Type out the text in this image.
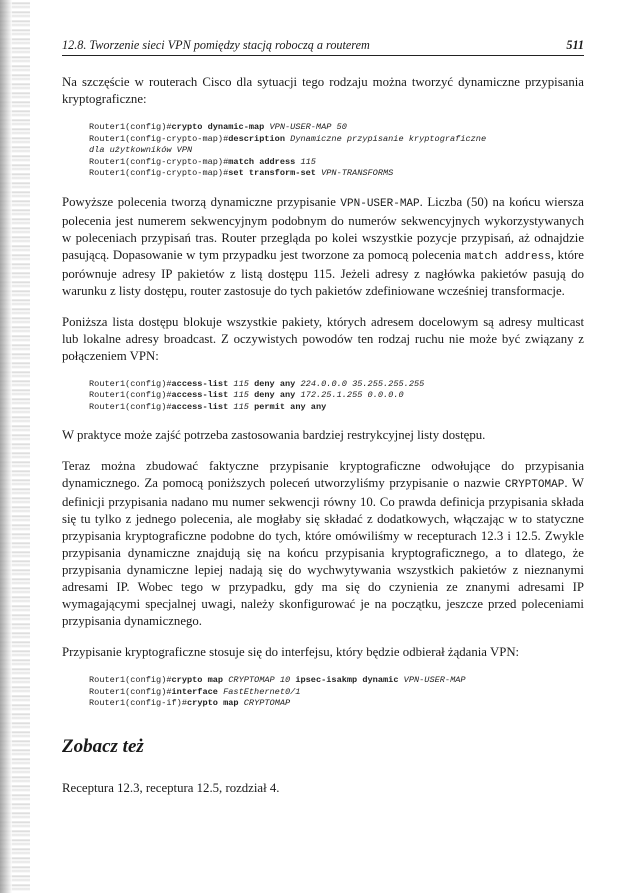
12.8. Tworzenie sieci VPN pomiędzy stacją roboczą a routerem	511

Na szczęście w routerach Cisco dla sytuacji tego rodzaju można tworzyć dynamiczne przypisania kryptograficzne:

Router1(config)#crypto dynamic-map VPN-USER-MAP 50
Router1(config-crypto-map)#description Dynamiczne przypisanie kryptograficzne
dla użytkowników VPN
Router1(config-crypto-map)#match address 115
Router1(config-crypto-map)#set transform-set VPN-TRANSFORMS

Powyższe polecenia tworzą dynamiczne przypisanie VPN-USER-MAP. Liczba (50) na końcu wiersza polecenia jest numerem sekwencyjnym podobnym do numerów sekwencyjnych wykorzystywanych w poleceniach przypisań tras. Router przegląda po kolei wszystkie pozycje przypisań, aż odnajdzie pasującą. Dopasowanie w tym przypadku jest tworzone za pomocą polecenia match address, które porównuje adresy IP pakietów z listą dostępu 115. Jeżeli adresy z nagłówka pakietów pasują do warunku z listy dostępu, router zastosuje do tych pakietów zdefiniowane wcześniej transformacje.

Poniższa lista dostępu blokuje wszystkie pakiety, których adresem docelowym są adresy multicast lub lokalne adresy broadcast. Z oczywistych powodów ten rodzaj ruchu nie może być związany z połączeniem VPN:

Router1(config)#access-list 115 deny any 224.0.0.0 35.255.255.255
Router1(config)#access-list 115 deny any 172.25.1.255 0.0.0.0
Router1(config)#access-list 115 permit any any

W praktyce może zajść potrzeba zastosowania bardziej restrykcyjnej listy dostępu.

Teraz można zbudować faktyczne przypisanie kryptograficzne odwołujące do przypisania dynamicznego. Za pomocą poniższych poleceń utworzyliśmy przypisanie o nazwie CRYPTOMAP. W definicji przypisania nadano mu numer sekwencji równy 10. Co prawda definicja przypisania składa się tu tylko z jednego polecenia, ale mogłaby się składać z dodatkowych, włączając w to statyczne przypisania kryptograficzne podobne do tych, które omówiliśmy w recepturach 12.3 i 12.5. Zwykle przypisania dynamiczne znajdują się na końcu przypisania kryptograficznego, a to dlatego, że przypisania dynamiczne lepiej nadają się do wychwytywania wszystkich pakietów z nieznanymi adresami IP. Wobec tego w przypadku, gdy ma się do czynienia ze znanymi adresami IP wymagającymi specjalnej uwagi, należy skonfigurować je na początku, jeszcze przed poleceniami przypisania dynamicznego.

Przypisanie kryptograficzne stosuje się do interfejsu, który będzie odbierał żądania VPN:

Router1(config)#crypto map CRYPTOMAP 10 ipsec-isakmp dynamic VPN-USER-MAP
Router1(config)#interface FastEthernet0/1
Router1(config-if)#crypto map CRYPTOMAP
Zobacz też

Receptura 12.3, receptura 12.5, rozdział 4.
